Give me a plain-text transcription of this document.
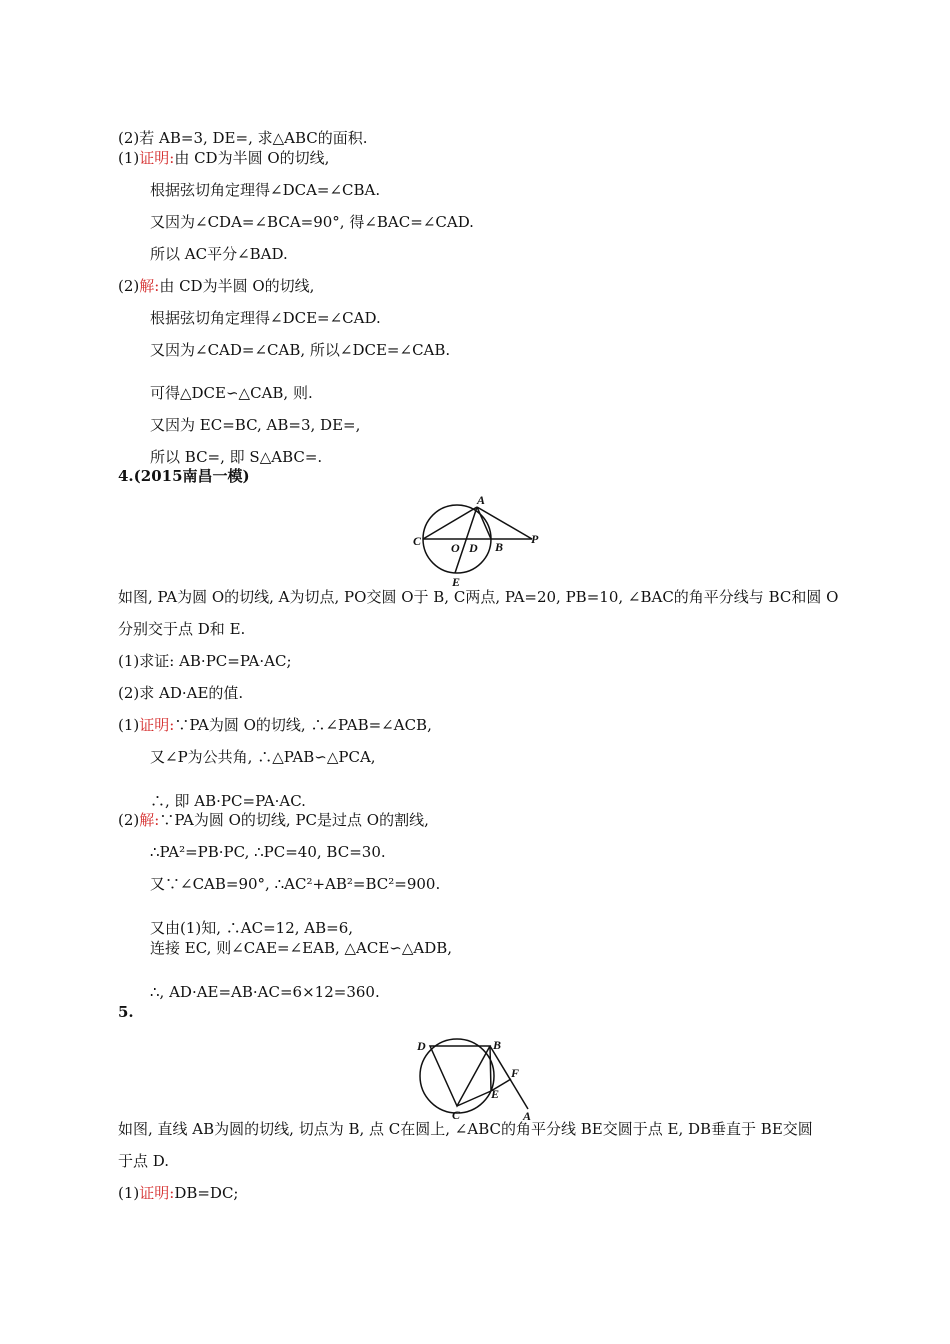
(2)若 AB=3, DE=, 求△ABC的面积.
(1)证明:由 CD为半圆 O的切线,
根据弦切角定理得∠DCA=∠CBA.
又因为∠CDA=∠BCA=90°, 得∠BAC=∠CAD.
所以 AC平分∠BAD.
(2)解:由 CD为半圆 O的切线,
根据弦切角定理得∠DCE=∠CAD.
又因为∠CAD=∠CAB, 所以∠DCE=∠CAB.
可得△DCE∽△CAB, 则.
又因为 EC=BC, AB=3, DE=,
所以 BC=, 即 S△ABC=.
4.(2015南昌一模)
A
C O D B
P
E
如图, PA为圆 O的切线, A为切点, PO交圆 O于 B, C两点, PA=20, PB=10, ∠BAC的角平分线与 BC和圆 O
分别交于点 D和 E.
(1)求证: AB·PC=PA·AC;
(2)求 AD·AE的值.
(1)证明:∵PA为圆 O的切线, ∴∠PAB=∠ACB,
又∠P为公共角, ∴△PAB∽△PCA,
∴, 即 AB·PC=PA·AC.
(2)解:∵PA为圆 O的切线, PC是过点 O的割线,
∴PA²=PB·PC, ∴PC=40, BC=30.
又∵∠CAB=90°, ∴AC²+AB²=BC²=900.
又由(1)知, ∴AC=12, AB=6,
连接 EC, 则∠CAE=∠EAB, △ACE∽△ADB,
∴, AD·AE=AB·AC=6×12=360.
5.
D	B
F
E
C	A
如图, 直线 AB为圆的切线, 切点为 B, 点 C在圆上, ∠ABC的角平分线 BE交圆于点 E, DB垂直于 BE交圆
于点 D.
(1)证明:DB=DC;
